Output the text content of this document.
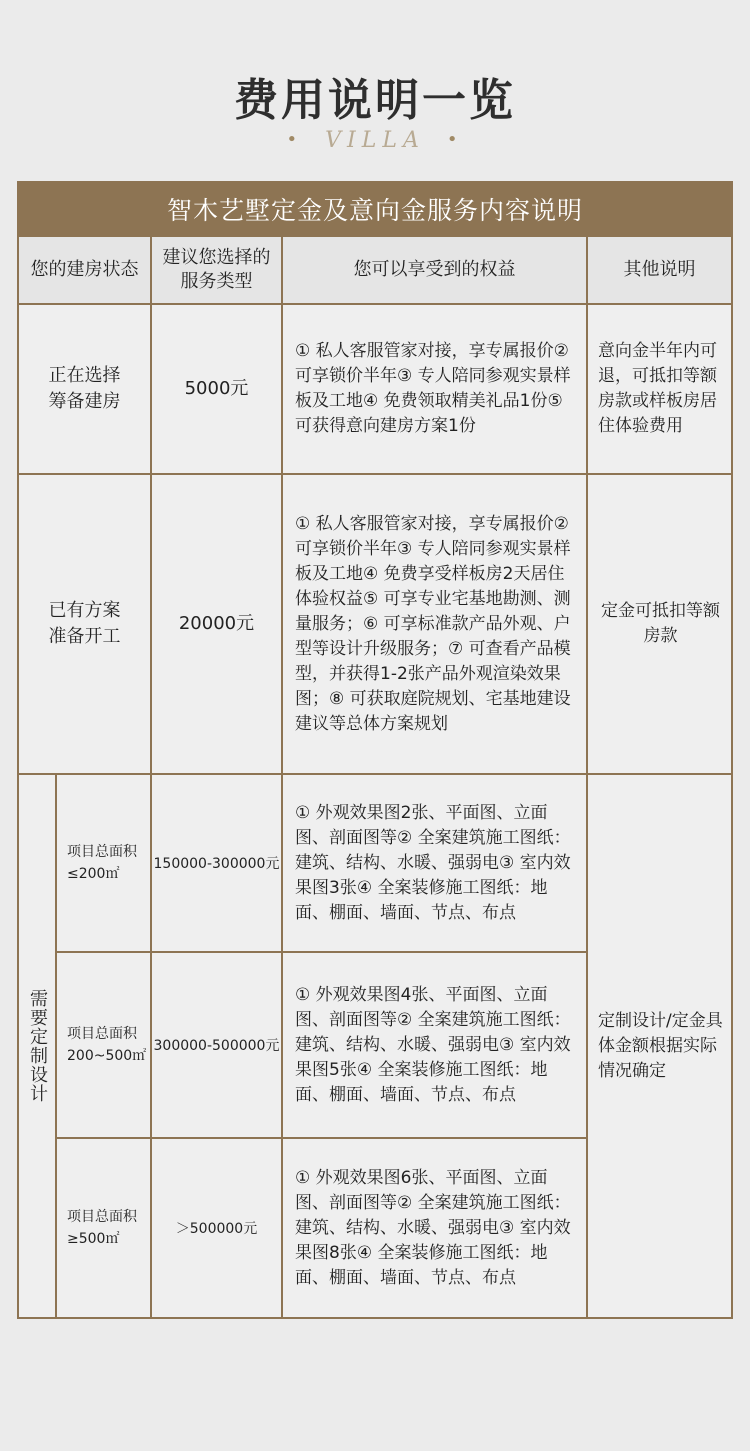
费用说明一览
• VILLA •
智木艺墅定金及意向金服务内容说明				
您的建房状态		建议您选择的服务类型	您可以享受到的权益	其他说明
正在选择筹备建房		5000元	① 私人客服管家对接，享专属报价② 可享锁价半年③ 专人陪同参观实景样板及工地④ 免费领取精美礼品1份⑤ 可获得意向建房方案1份	意向金半年内可退，可抵扣等额房款或样板房居住体验费用
已有方案准备开工		20000元	① 私人客服管家对接，享专属报价② 可享锁价半年③ 专人陪同参观实景样板及工地④ 免费享受样板房2天居住体验权益⑤ 可享专业宅基地勘测、测量服务；⑥ 可享标准款产品外观、户型等设计升级服务；⑦ 可查看产品模型，并获得1-2张产品外观渲染效果图；⑧ 可获取庭院规划、宅基地建设建议等总体方案规划	定金可抵扣等额房款

需要定制设计	项目总面积≤200㎡	150000-300000元	① 外观效果图2张、平面图、立面图、剖面图等② 全案建筑施工图纸：建筑、结构、水暖、强弱电③ 室内效果图3张④ 全案装修施工图纸：地面、棚面、墙面、节点、布点	定制设计/定金具体金额根据实际情况确定
	项目总面积200~500㎡	300000-500000元	① 外观效果图4张、平面图、立面图、剖面图等② 全案建筑施工图纸：建筑、结构、水暖、强弱电③ 室内效果图5张④ 全案装修施工图纸：地面、棚面、墙面、节点、布点	
	项目总面积≥500㎡	＞500000元	① 外观效果图6张、平面图、立面图、剖面图等② 全案建筑施工图纸：建筑、结构、水暖、强弱电③ 室内效果图8张④ 全案装修施工图纸：地面、棚面、墙面、节点、布点	
